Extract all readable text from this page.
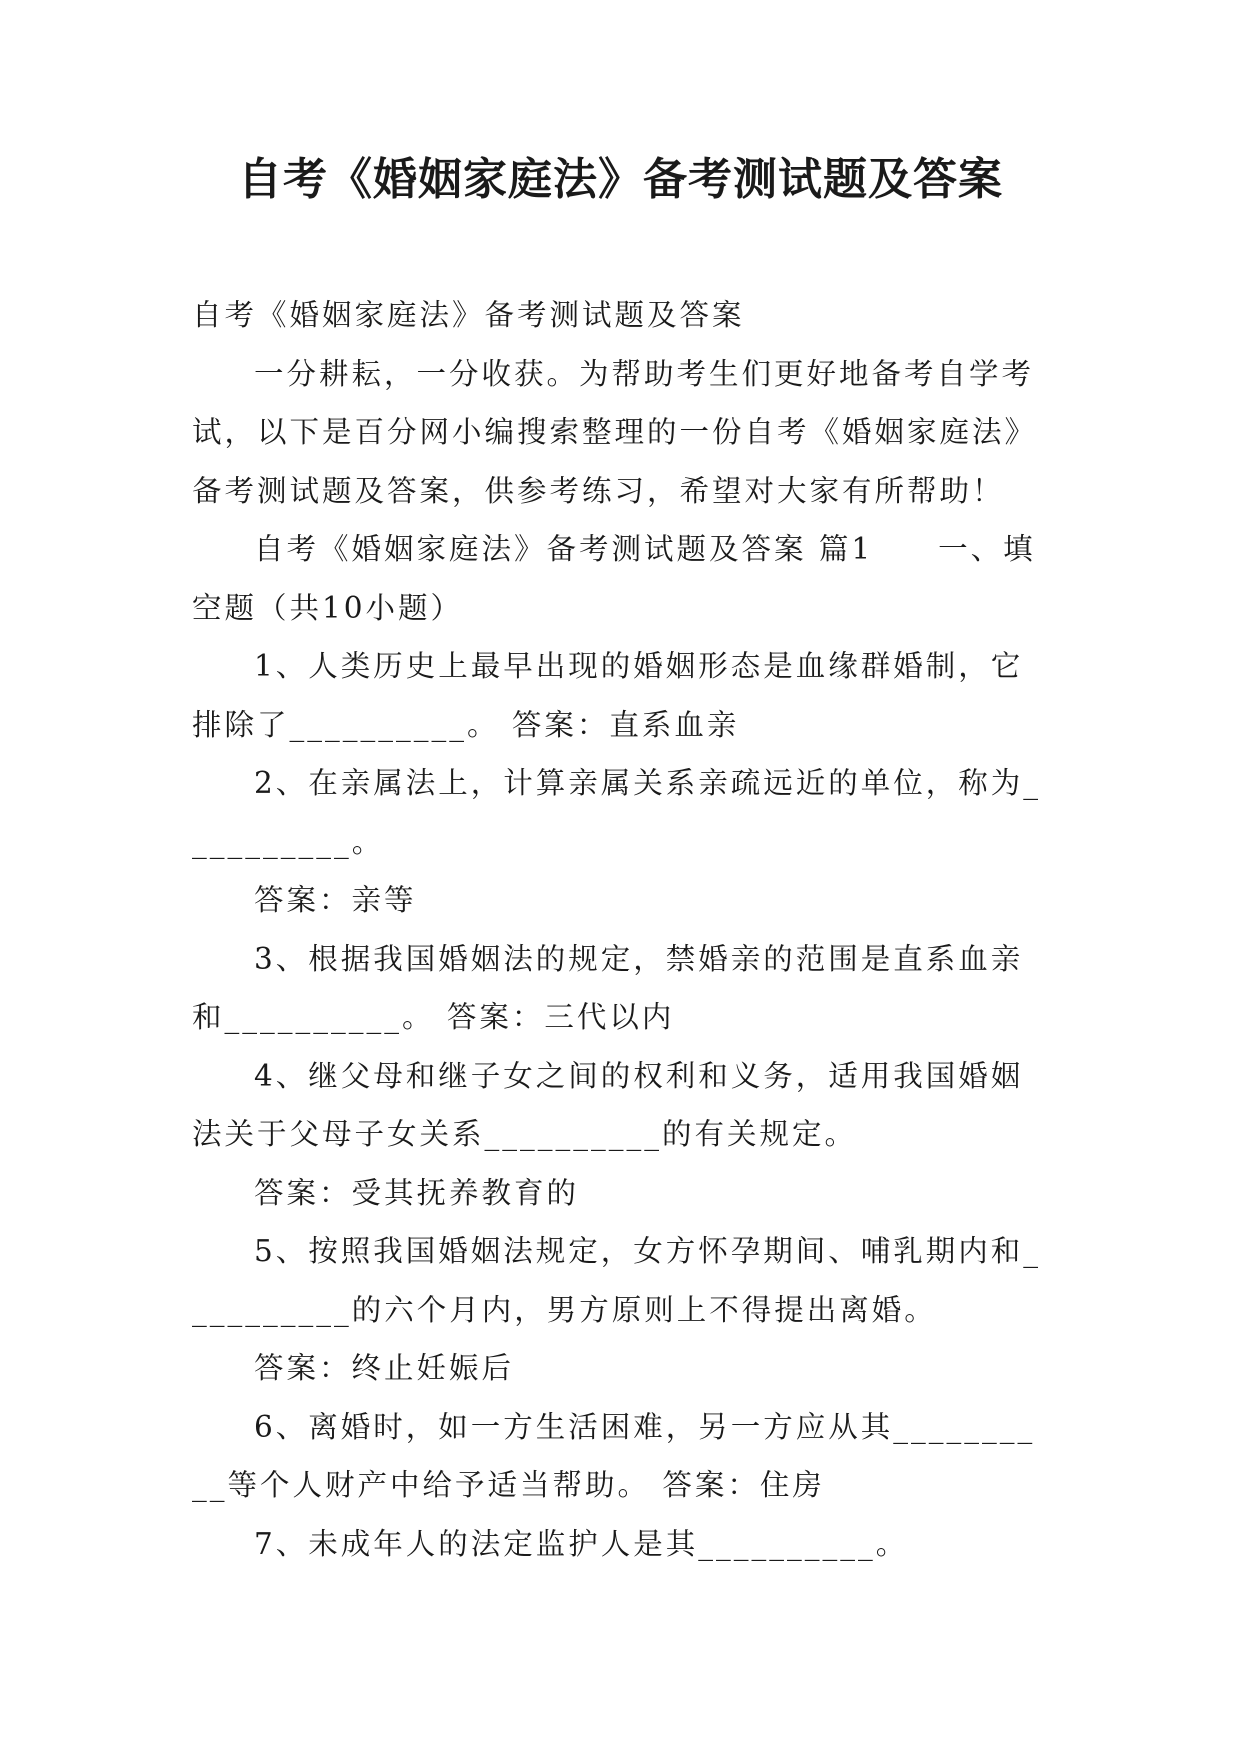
自考《婚姻家庭法》备考测试题及答案

自考《婚姻家庭法》备考测试题及答案

一分耕耘，一分收获。为帮助考生们更好地备考自学考试，以下是百分网小编搜索整理的一份自考《婚姻家庭法》备考测试题及答案，供参考练习，希望对大家有所帮助！

自考《婚姻家庭法》备考测试题及答案 篇1　　一、填空题（共10小题）

1、人类历史上最早出现的婚姻形态是血缘群婚制，它排除了__________。 答案：直系血亲

2、在亲属法上，计算亲属关系亲疏远近的单位，称为__________。

答案：亲等

3、根据我国婚姻法的规定，禁婚亲的范围是直系血亲和__________。 答案：三代以内

4、继父母和继子女之间的权利和义务，适用我国婚姻法关于父母子女关系__________的有关规定。

答案：受其抚养教育的

5、按照我国婚姻法规定，女方怀孕期间、哺乳期内和__________的六个月内，男方原则上不得提出离婚。

答案：终止妊娠后

6、离婚时，如一方生活困难，另一方应从其__________等个人财产中给予适当帮助。 答案：住房

7、未成年人的法定监护人是其__________。
